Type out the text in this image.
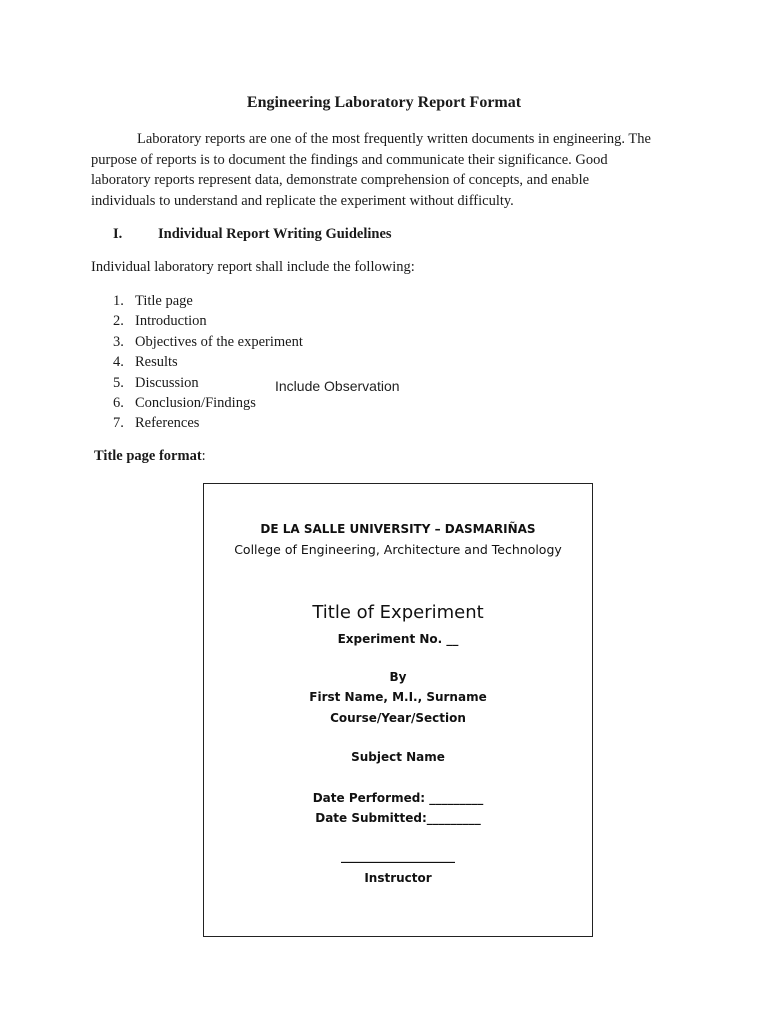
Engineering Laboratory Report Format

Laboratory reports are one of the most frequently written documents in engineering. The
purpose of reports is to document the findings and communicate their significance. Good
laboratory reports represent data, demonstrate comprehension of concepts, and enable
individuals to understand and replicate the experiment without difficulty.

I. Individual Report Writing Guidelines
Individual laboratory report shall include the following:
1. Title page
2. Introduction
3. Objectives of the experiment
4. Results
5. Discussion
6. Conclusion/Findings
7. References
Include Observation
Title page format:
DE LA SALLE UNIVERSITY – DASMARIÑAS
College of Engineering, Architecture and Technology
Title of Experiment
Experiment No. __
By
First Name, M.I., Surname
Course/Year/Section
Subject Name
Date Performed: _________
Date Submitted:_________
___________________
Instructor
